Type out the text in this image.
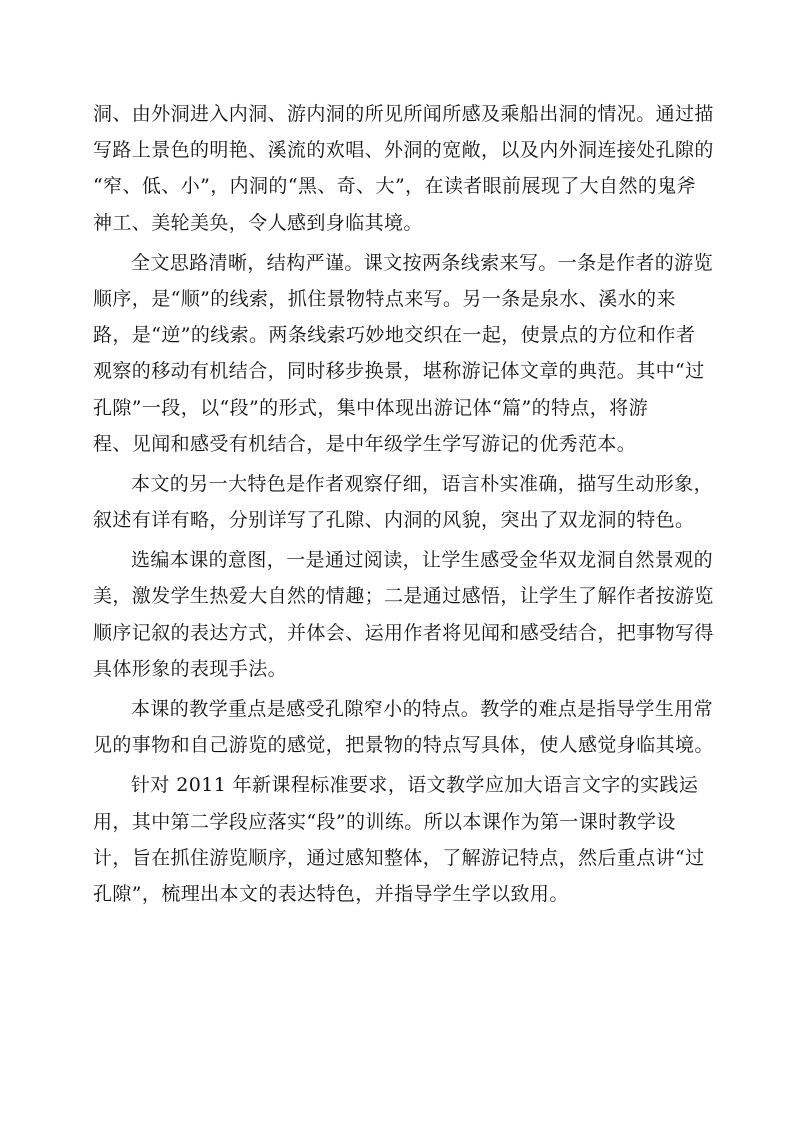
洞、由外洞进入内洞、游内洞的所见所闻所感及乘船出洞的情况。通过描

写路上景色的明艳、溪流的欢唱、外洞的宽敞，以及内外洞连接处孔隙的

“窄、低、小”，内洞的“黑、奇、大”，在读者眼前展现了大自然的鬼斧

神工、美轮美奂，令人感到身临其境。

全文思路清晰，结构严谨。课文按两条线索来写。一条是作者的游览

顺序，是“顺”的线索，抓住景物特点来写。另一条是泉水、溪水的来

路，是“逆”的线索。两条线索巧妙地交织在一起，使景点的方位和作者

观察的移动有机结合，同时移步换景，堪称游记体文章的典范。其中“过

孔隙”一段，以“段”的形式，集中体现出游记体“篇”的特点，将游

程、见闻和感受有机结合，是中年级学生学写游记的优秀范本。

本文的另一大特色是作者观察仔细，语言朴实准确，描写生动形象，

叙述有详有略，分别详写了孔隙、内洞的风貌，突出了双龙洞的特色。

选编本课的意图，一是通过阅读，让学生感受金华双龙洞自然景观的

美，激发学生热爱大自然的情趣；二是通过感悟，让学生了解作者按游览

顺序记叙的表达方式，并体会、运用作者将见闻和感受结合，把事物写得

具体形象的表现手法。

本课的教学重点是感受孔隙窄小的特点。教学的难点是指导学生用常

见的事物和自己游览的感觉，把景物的特点写具体，使人感觉身临其境。

针对 2011 年新课程标准要求，语文教学应加大语言文字的实践运

用，其中第二学段应落实“段”的训练。所以本课作为第一课时教学设

计，旨在抓住游览顺序，通过感知整体，了解游记特点，然后重点讲“过

孔隙”，梳理出本文的表达特色，并指导学生学以致用。
